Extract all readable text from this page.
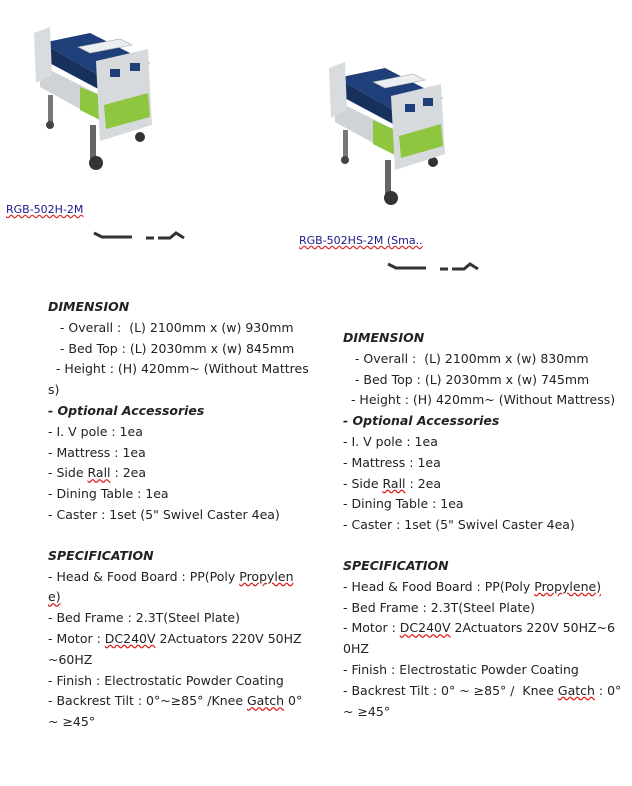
RGB-502H-2M
RGB-502HS-2M (Sma..
DIMENSION
- Overall :  (L) 2100mm x (w) 930mm
- Bed Top : (L) 2030mm x (w) 845mm
- Height : (H) 420mm~ (Without Mattres
s)
- Optional Accessories
- I. V pole : 1ea
- Mattress : 1ea
- Side Rall : 2ea
- Dining Table : 1ea
- Caster : 1set (5" Swivel Caster 4ea)
SPECIFICATION
- Head & Food Board : PP(Poly Propylen
e)
- Bed Frame : 2.3T(Steel Plate)
- Motor : DC240V 2Actuators 220V 50HZ
~60HZ
- Finish : Electrostatic Powder Coating
- Backrest Tilt : 0°~≥85° /Knee Gatch 0°
~ ≥45°
DIMENSION
- Overall :  (L) 2100mm x (w) 830mm
- Bed Top : (L) 2030mm x (w) 745mm
- Height : (H) 420mm~ (Without Mattress)
- Optional Accessories
- I. V pole : 1ea
- Mattress : 1ea
- Side Rall : 2ea
- Dining Table : 1ea
- Caster : 1set (5" Swivel Caster 4ea)
SPECIFICATION
- Head & Food Board : PP(Poly Propylene)
- Bed Frame : 2.3T(Steel Plate)
- Motor : DC240V 2Actuators 220V 50HZ~6
0HZ
- Finish : Electrostatic Powder Coating
- Backrest Tilt : 0° ~ ≥85° /  Knee Gatch : 0°
~ ≥45°
